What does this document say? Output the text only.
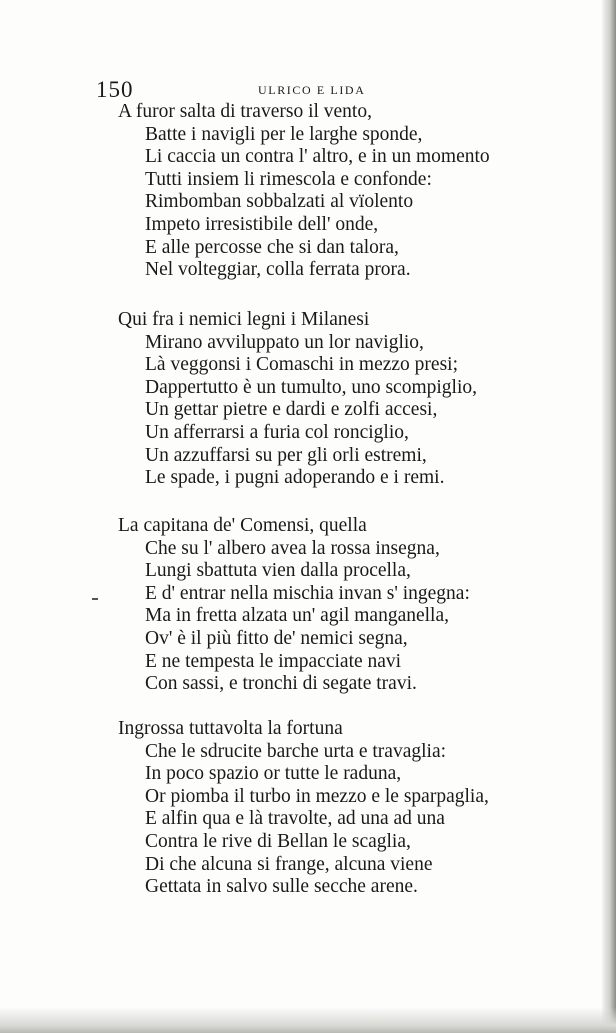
150	ULRICO E LIDA
A furor salta di traverso il vento,
Batte i navigli per le larghe sponde,
Li caccia un contra l' altro, e in un momento
Tutti insiem li rimescola e confonde:
Rimbomban sobbalzati al vïolento
Impeto irresistibile dell' onde,
E alle percosse che si dan talora,
Nel volteggiar, colla ferrata prora.
Qui fra i nemici legni i Milanesi
Mirano avviluppato un lor naviglio,
Là veggonsi i Comaschi in mezzo presi;
Dappertutto è un tumulto, uno scompiglio,
Un gettar pietre e dardi e zolfi accesi,
Un afferrarsi a furia col ronciglio,
Un azzuffarsi su per gli orli estremi,
Le spade, i pugni adoperando e i remi.
La capitana de' Comensi, quella
Che su l' albero avea la rossa insegna,
Lungi sbattuta vien dalla procella,
E d' entrar nella mischia invan s' ingegna:
Ma in fretta alzata un' agil manganella,
Ov' è il più fitto de' nemici segna,
E ne tempesta le impacciate navi
Con sassi, e tronchi di segate travi.
Ingrossa tuttavolta la fortuna
Che le sdrucite barche urta e travaglia:
In poco spazio or tutte le raduna,
Or piomba il turbo in mezzo e le sparpaglia,
E alfin qua e là travolte, ad una ad una
Contra le rive di Bellan le scaglia,
Di che alcuna si frange, alcuna viene
Gettata in salvo sulle secche arene.
